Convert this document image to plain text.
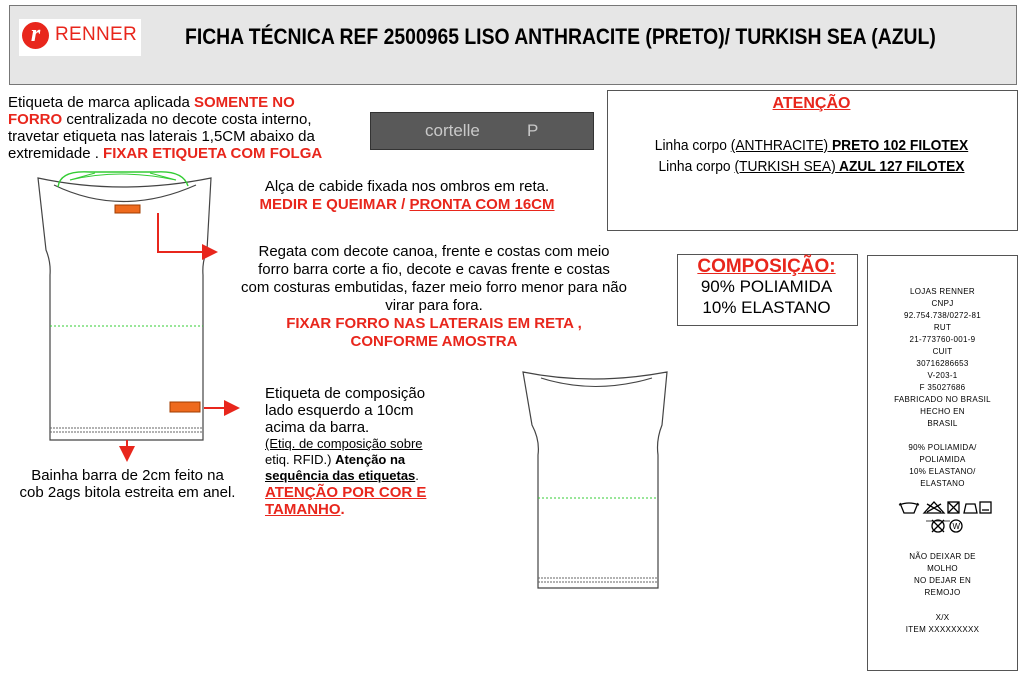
r RENNER FICHA TÉCNICA REF 2500965 LISO ANTHRACITE (PRETO)/ TURKISH SEA (AZUL)
Etiqueta de marca aplicada SOMENTE NO
FORRO centralizada no decote costa interno,
travetar etiqueta nas laterais 1,5CM abaixo da
extremidade . FIXAR ETIQUETA COM FOLGA
cortelle	P
ATENÇÃO
Linha corpo (ANTHRACITE) PRETO 102 FILOTEX
Linha corpo (TURKISH SEA) AZUL 127 FILOTEX
Alça de cabide fixada nos ombros em reta.
MEDIR E QUEIMAR / PRONTA COM 16CM
Regata com decote canoa, frente e costas com meio
forro barra corte a fio, decote e cavas frente e costas
com costuras embutidas, fazer meio forro menor para não
virar para fora.
FIXAR FORRO NAS LATERAIS EM RETA ,
CONFORME AMOSTRA
Etiqueta de composição
lado esquerdo a 10cm
acima da barra.
(Etiq. de composição sobre
etiq. RFID.) Atenção na
sequência das etiquetas.
ATENÇÃO POR COR E
TAMANHO.
Bainha barra de 2cm feito na
cob 2ags bitola estreita em anel.
COMPOSIÇÃO:
90% POLIAMIDA
10% ELASTANO
LOJAS RENNER
CNPJ
92.754.738/0272-81
RUT
21-773760-001-9
CUIT
30716286653
V-203-1
F 35027686
FABRICADO NO BRASIL
HECHO EN
BRASIL
90% POLIAMIDA/
POLIAMIDA
10% ELASTANO/
ELASTANO
W
NÃO DEIXAR DE
MOLHO
NO DEJAR EN
REMOJO
X/X
ITEM XXXXXXXXX
